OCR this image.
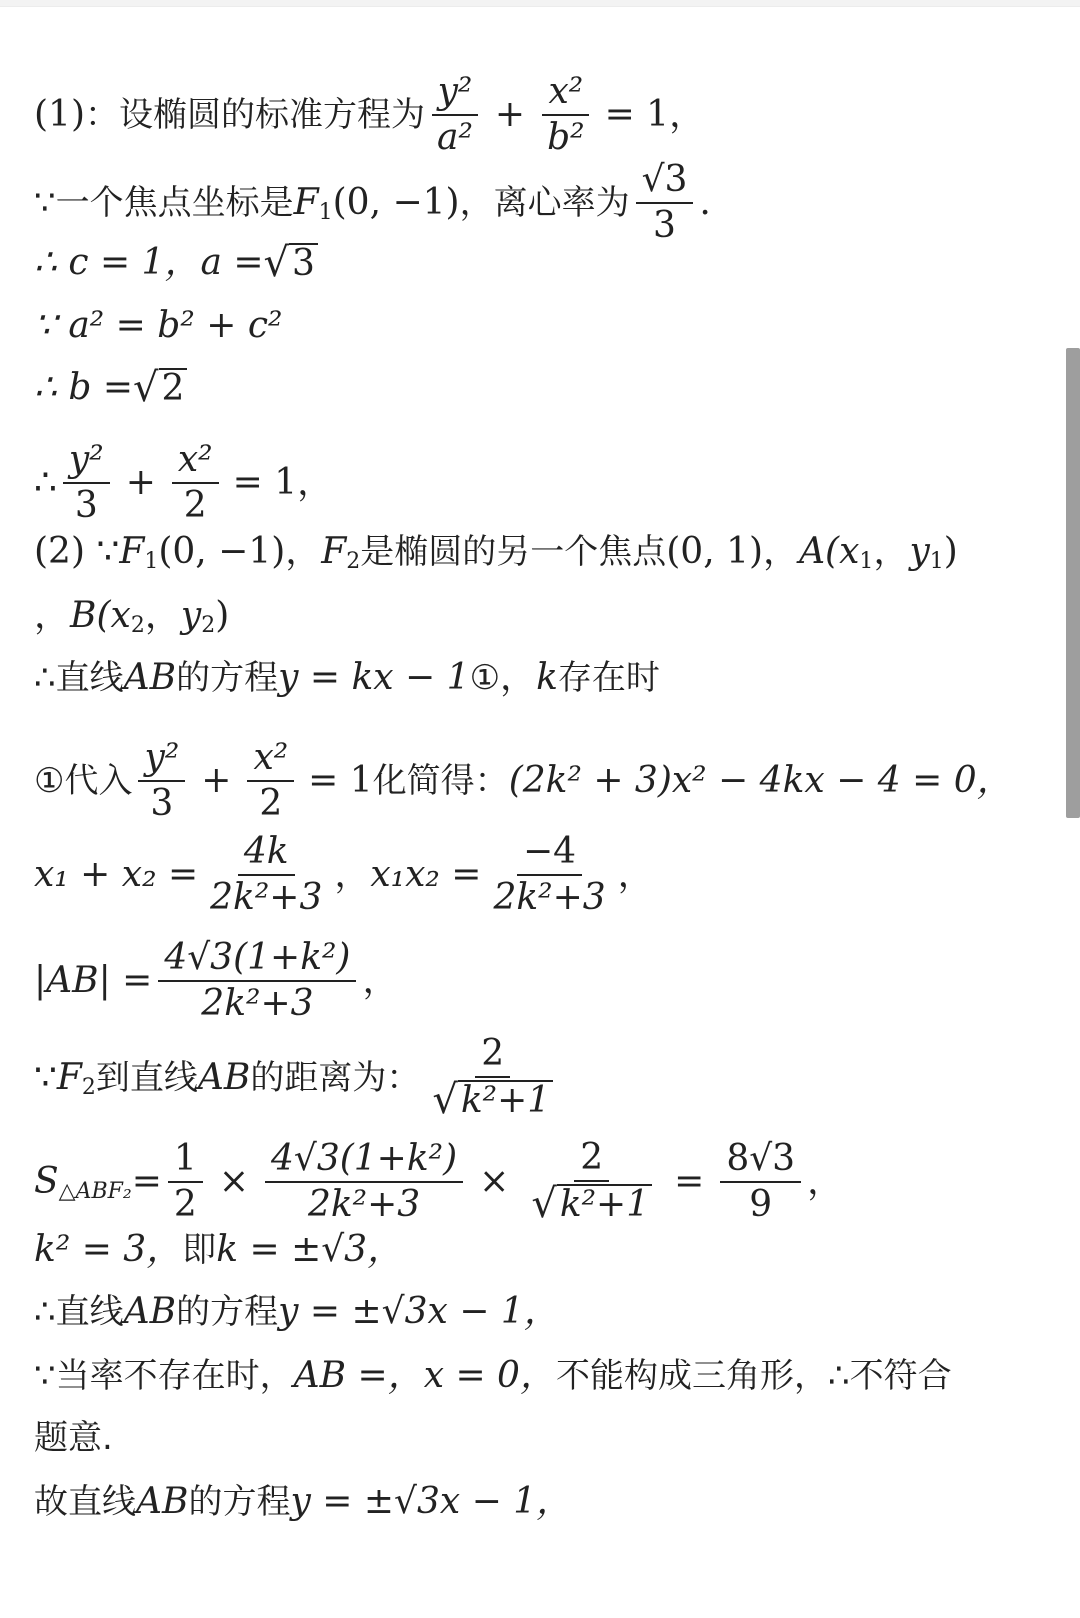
(1) ：设椭圆的标准方程为 $\frac{\text{y²}}{\text{a²}} + \frac{\text{x²}}{\text{b²}} = 1$，
∵一个焦点坐标是 F 1 (0, −1) ，离心率为 $\frac{√3}{3}$ .
∴ c = 1，a = √ 3
∵ a² = b² + c²
∴ b = √ 2
∴ $\frac{\text{y²}}{3} + \frac{\text{x²}}{2} = 1$，
(2) ∵ F 1 (0, −1)， F 2 是椭圆的另一个焦点 (0, 1)， A(x 1 ， y 1 )
， B(x 2 ， y 2 )
∴直线 AB 的方程 y = kx − 1 ① ， k 存在时
① 代入 $\frac{\text{y²}}{3} + \frac{\text{x²}}{2} = 1$ 化简得： (2k² + 3)x² − 4kx − 4 = 0，
$x_1 + x_2 = \frac{4k}{\text{2k²+3}}$ ， $x_1x_2 = \frac{-4}{\text{2k²+3}}$ ，
$|AB| = \frac{\text{4√3(1+k²)}}{\text{2k²+3}}$ ，
∵ F 2 到直线 AB 的距离为： $\frac{2}{\text{√ k²+1}}$
S △ABF₂ = $\frac{1}{2} \times \frac{\text{4√3(1+k²)}}{\text{2k²+3}} \times \frac{2}{\text{√ k²+1}} = \frac{8√3}{9}$ ，
k² = 3， 即 k = ±√3，
∴直线 AB 的方程 y = ±√3x − 1，
∵当率不存在时， AB =， x = 0， 不能构成三角形，∴不符合
题意.
故直线 AB 的方程 y = ±√3x − 1，
